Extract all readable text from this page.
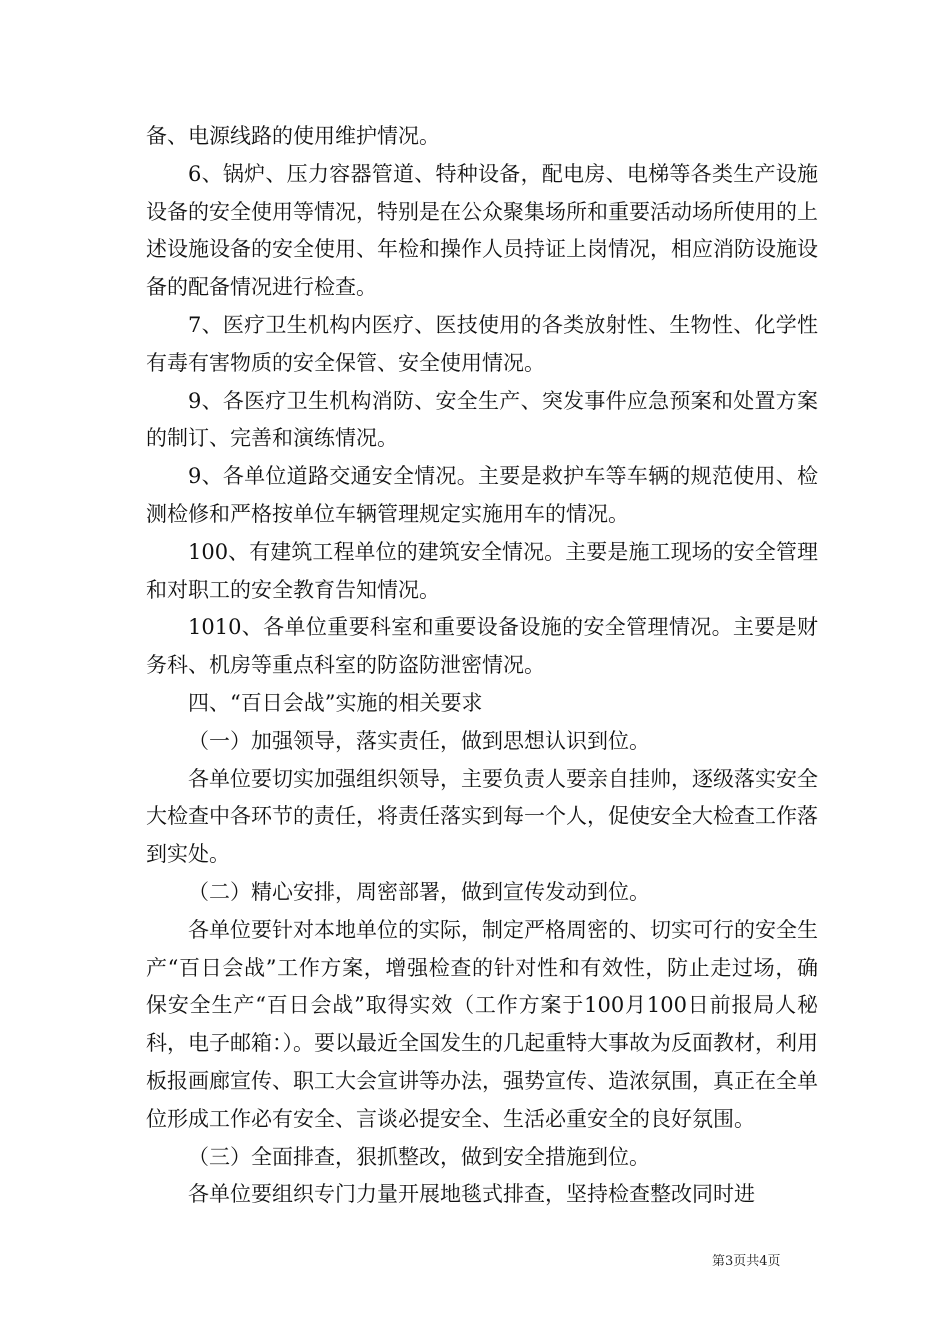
备、电源线路的使用维护情况。

6、锅炉、压力容器管道、特种设备，配电房、电梯等各类生产设施设备的安全使用等情况，特别是在公众聚集场所和重要活动场所使用的上述设施设备的安全使用、年检和操作人员持证上岗情况，相应消防设施设备的配备情况进行检查。

7、医疗卫生机构内医疗、医技使用的各类放射性、生物性、化学性有毒有害物质的安全保管、安全使用情况。

9、各医疗卫生机构消防、安全生产、突发事件应急预案和处置方案的制订、完善和演练情况。

9、各单位道路交通安全情况。主要是救护车等车辆的规范使用、检测检修和严格按单位车辆管理规定实施用车的情况。

100、有建筑工程单位的建筑安全情况。主要是施工现场的安全管理和对职工的安全教育告知情况。

1010、各单位重要科室和重要设备设施的安全管理情况。主要是财务科、机房等重点科室的防盗防泄密情况。

四、“百日会战”实施的相关要求

（一）加强领导，落实责任，做到思想认识到位。

各单位要切实加强组织领导，主要负责人要亲自挂帅，逐级落实安全大检查中各环节的责任，将责任落实到每一个人，促使安全大检查工作落到实处。

（二）精心安排，周密部署，做到宣传发动到位。

各单位要针对本地单位的实际，制定严格周密的、切实可行的安全生产“百日会战”工作方案，增强检查的针对性和有效性，防止走过场，确保安全生产“百日会战”取得实效（工作方案于100月100日前报局人秘科，电子邮箱：）。要以最近全国发生的几起重特大事故为反面教材，利用板报画廊宣传、职工大会宣讲等办法，强势宣传、造浓氛围，真正在全单位形成工作必有安全、言谈必提安全、生活必重安全的良好氛围。

（三）全面排查，狠抓整改，做到安全措施到位。

各单位要组织专门力量开展地毯式排查，坚持检查整改同时进

第3页共4页
